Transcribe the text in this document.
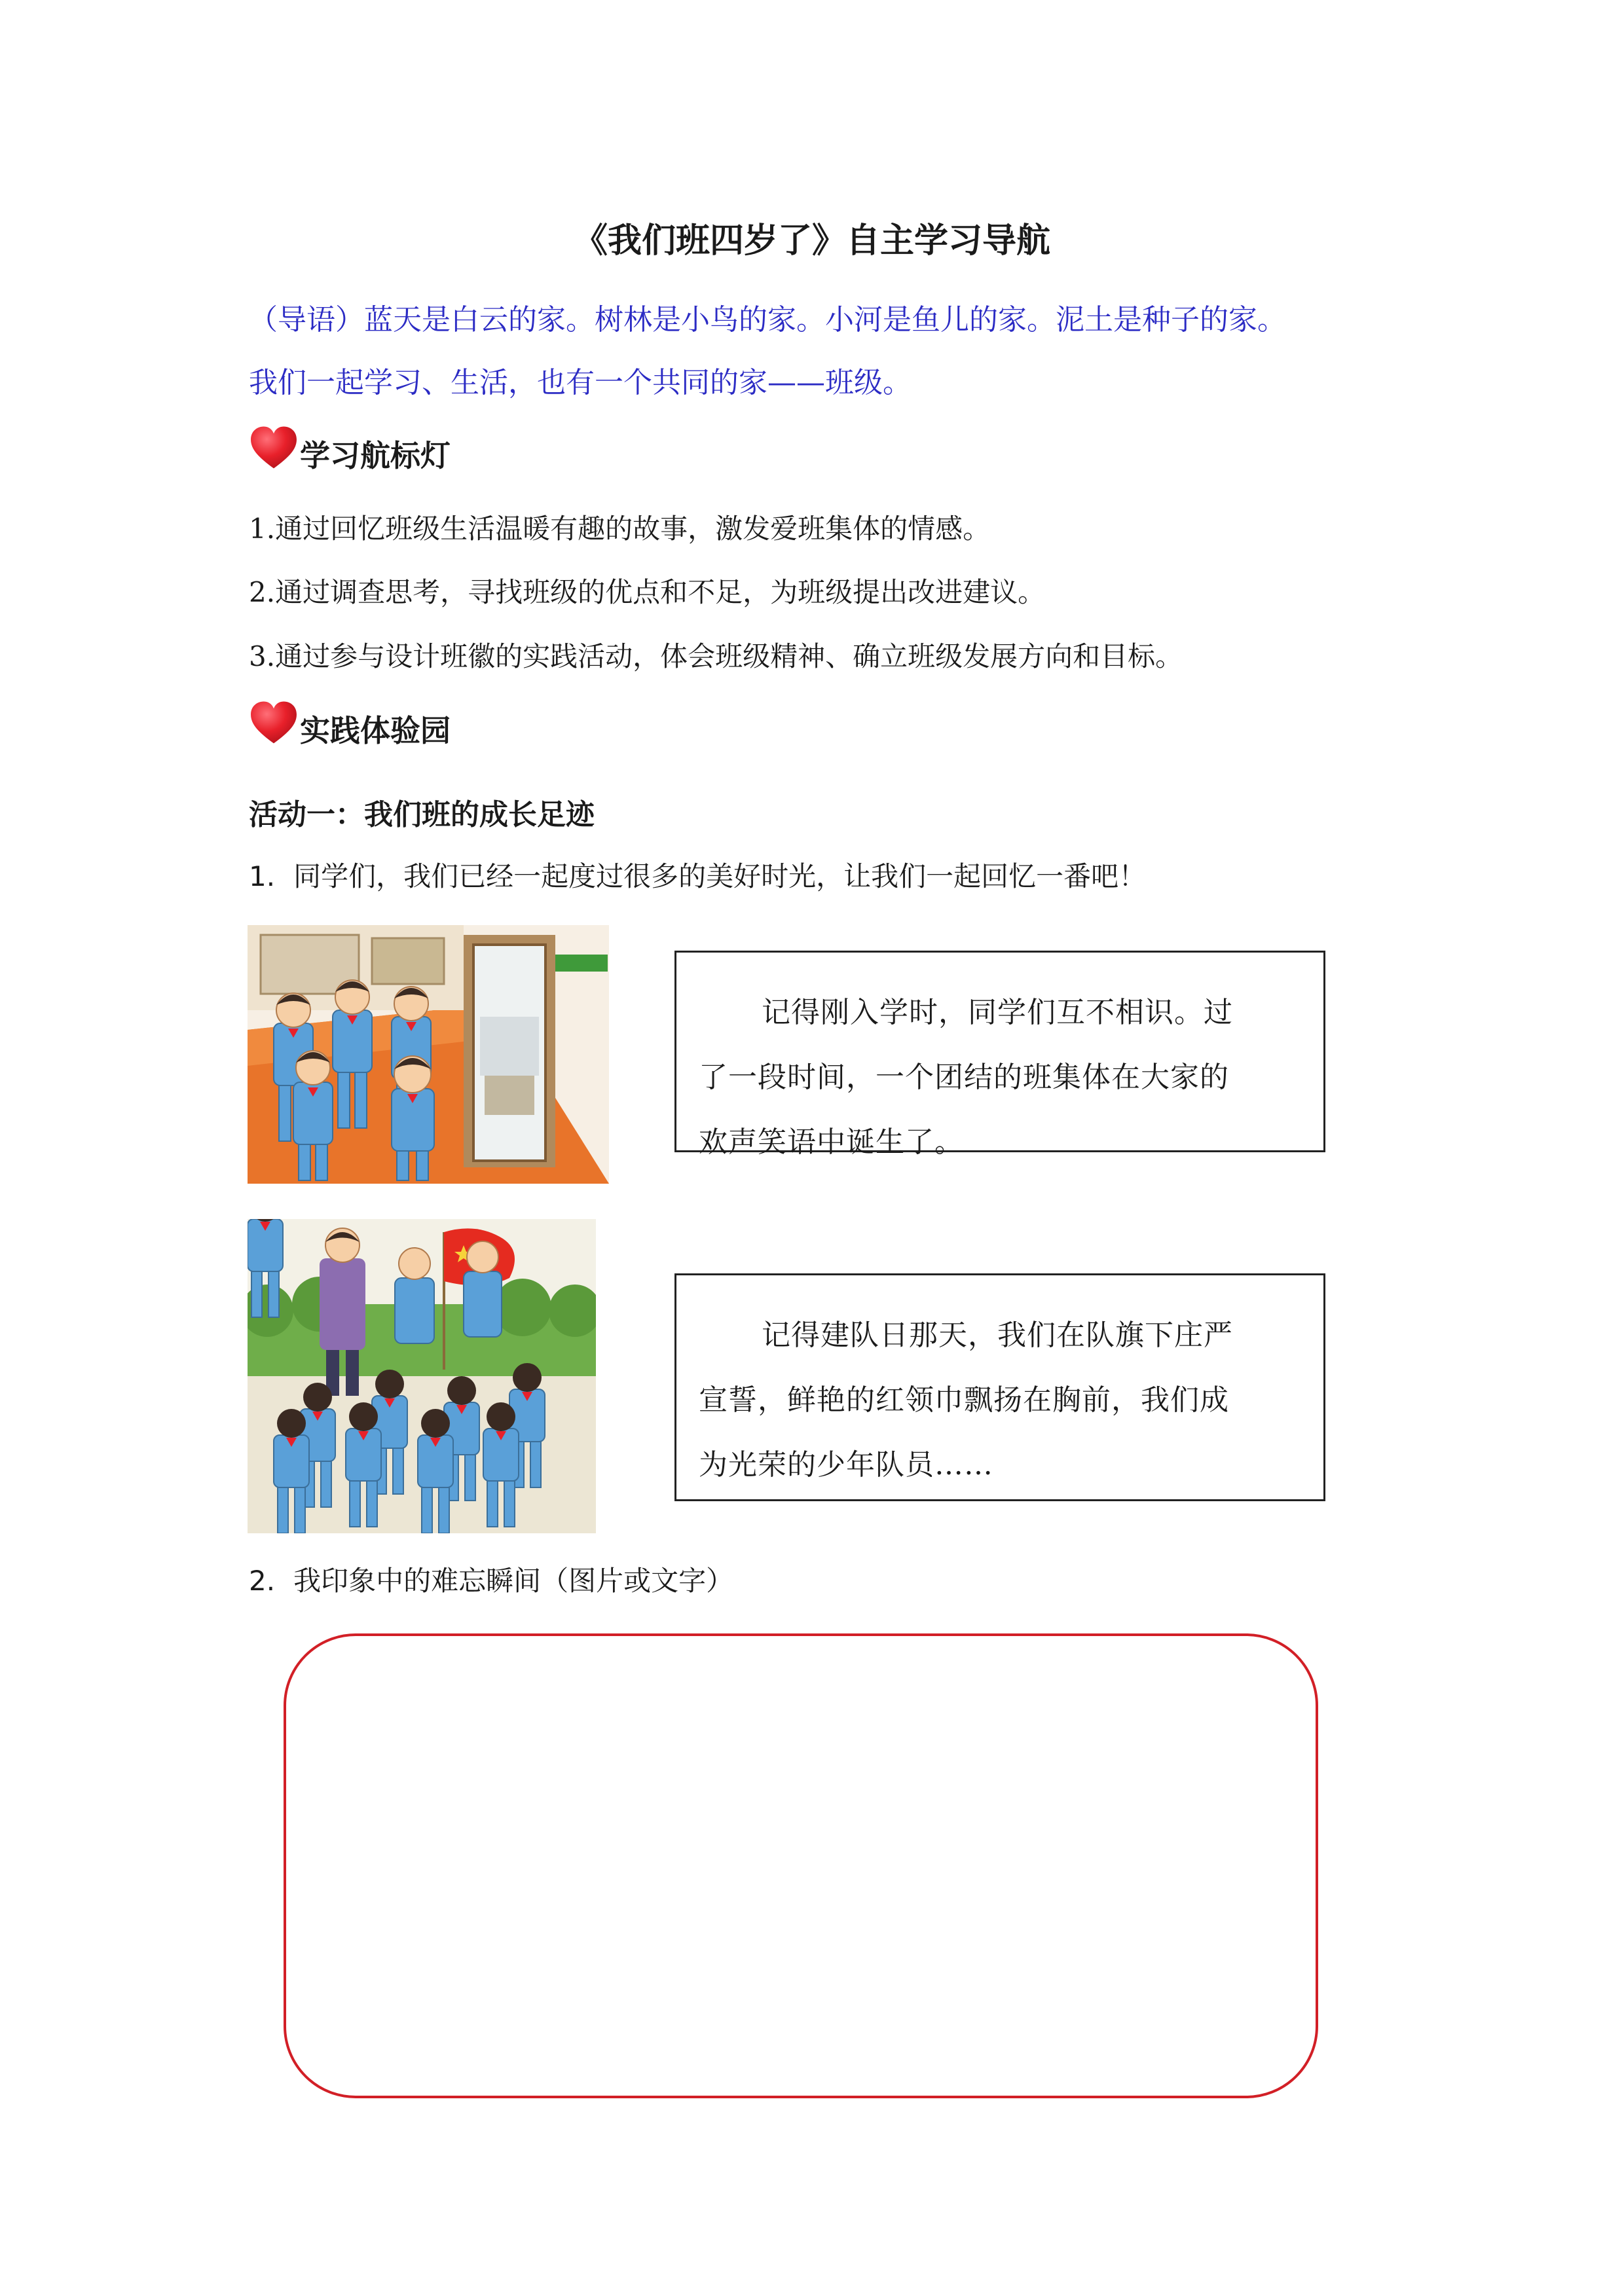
《我们班四岁了》自主学习导航
（导语）蓝天是白云的家。树林是小鸟的家。小河是鱼儿的家。泥土是种子的家。
我们一起学习、生活，也有一个共同的家——班级。
学习航标灯
1.通过回忆班级生活温暖有趣的故事，激发爱班集体的情感。
2.通过调查思考，寻找班级的优点和不足，为班级提出改进建议。
3.通过参与设计班徽的实践活动，体会班级精神、确立班级发展方向和目标。
实践体验园
活动一：我们班的成长足迹
1. 同学们，我们已经一起度过很多的美好时光，让我们一起回忆一番吧！
记得刚入学时，同学们互不相识。过
了一段时间，一个团结的班集体在大家的
欢声笑语中诞生了。
记得建队日那天，我们在队旗下庄严
宣誓，鲜艳的红领巾飘扬在胸前，我们成
为光荣的少年队员……
2. 我印象中的难忘瞬间（图片或文字）
